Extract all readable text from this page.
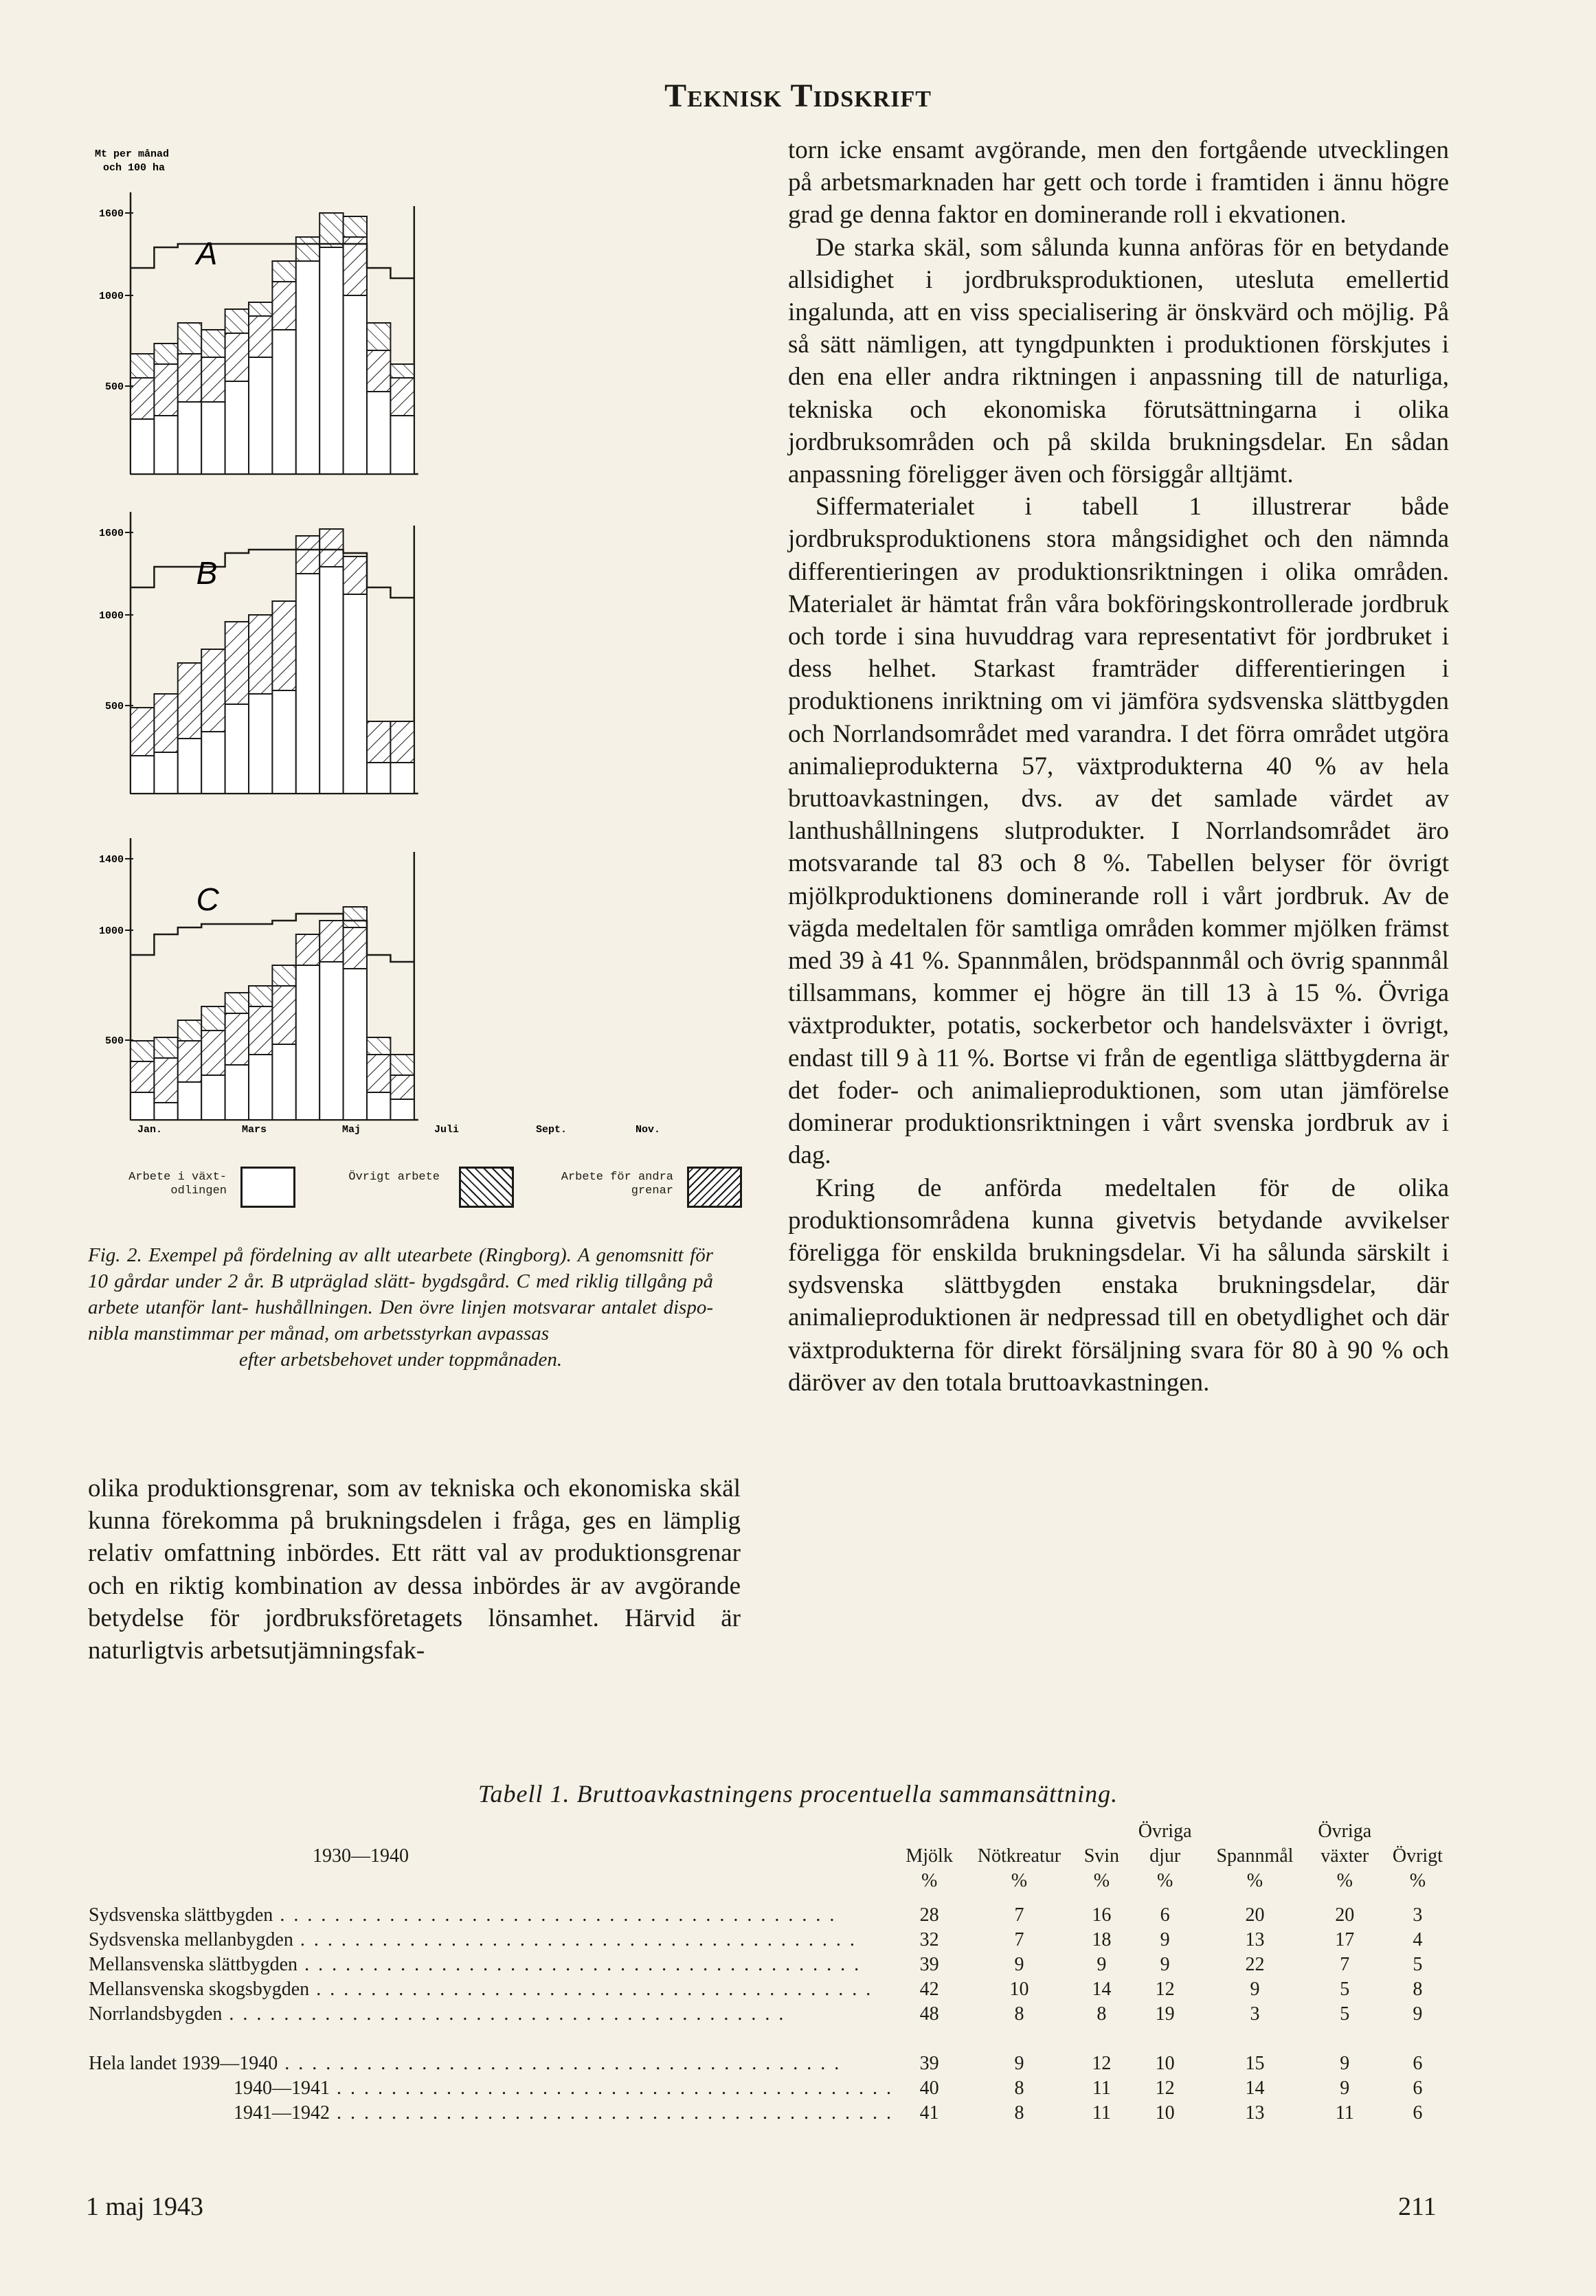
Teknisk Tidskrift
1600
1000
500
A
1600
1000
500
B
1400
1000
500
C
Mt per månad
och 100 ha
Jan.	Mars	Maj	Juli	Sept.	Nov.
Arbete i växt-
odlingen
Övrigt arbete	Arbete för andra
grenar
Fig. 2. Exempel på fördelning av allt utearbete (Ringborg). A genomsnitt för 10 gårdar under 2 år. B utpräglad slätt- bygdsgård. C med riklig tillgång på arbete utanför lant- hushållningen. Den övre linjen motsvarar antalet dispo- nibla manstimmar per månad, om arbetsstyrkan avpassas
efter arbetsbehovet under toppmånaden.

olika produktionsgrenar, som av tekniska och ekonomiska skäl kunna förekomma på brukningsdelen i fråga, ges en lämplig relativ omfattning inbördes. Ett rätt val av produktionsgrenar och en riktig kombination av dessa inbördes är av avgörande betydelse för jordbruksföretagets lönsamhet. Härvid är naturligtvis arbetsutjämningsfak-

torn icke ensamt avgörande, men den fortgående utvecklingen på arbetsmarknaden har gett och torde i framtiden i ännu högre grad ge denna faktor en dominerande roll i ekvationen.

De starka skäl, som sålunda kunna anföras för en betydande allsidighet i jordbruksproduktionen, utesluta emellertid ingalunda, att en viss specialisering är önskvärd och möjlig. På så sätt nämligen, att tyngdpunkten i produktionen förskjutes i den ena eller andra riktningen i anpassning till de naturliga, tekniska och ekonomiska förutsättningarna i olika jordbruksområden och på skilda brukningsdelar. En sådan anpassning föreligger även och försiggår alltjämt.

Siffermaterialet i tabell 1 illustrerar både jordbruksproduktionens stora mångsidighet och den nämnda differentieringen av produktionsriktningen i olika områden. Materialet är hämtat från våra bokföringskontrollerade jordbruk och torde i sina huvuddrag vara representativt för jordbruket i dess helhet. Starkast framträder differentieringen i produktionens inriktning om vi jämföra sydsvenska slättbygden och Norrlandsområdet med varandra. I det förra området utgöra animalieprodukterna 57, växtprodukterna 40 % av hela bruttoavkastningen, dvs. av det samlade värdet av lanthushållningens slutprodukter. I Norrlandsområdet äro motsvarande tal 83 och 8 %. Tabellen belyser för övrigt mjölkproduktionens dominerande roll i vårt jordbruk. Av de vägda medeltalen för samtliga områden kommer mjölken främst med 39 à 41 %. Spannmålen, brödspannmål och övrig spannmål tillsammans, kommer ej högre än till 13 à 15 %. Övriga växtprodukter, potatis, sockerbetor och handelsväxter i övrigt, endast till 9 à 11 %. Bortse vi från de egentliga slättbygderna är det foder- och animalieproduktionen, som utan jämförelse dominerar produktionsriktningen i vårt svenska jordbruk av i dag.

Kring de anförda medeltalen för de olika produktionsområdena kunna givetvis betydande avvikelser föreligga för enskilda brukningsdelar. Vi ha sålunda särskilt i sydsvenska slättbygden enstaka brukningsdelar, där animalieproduktionen är nedpressad till en obetydlighet och där växtprodukterna för direkt försäljning svara för 80 à 90 % och däröver av den totala bruttoavkastningen.

Tabell 1. Bruttoavkastningens procentuella sammansättning.
				Övriga		Övriga	
1930—1940	Mjölk	Nötkreatur	Svin	djur	Spannmål	växter	Övrigt
	%	%	%	%	%	%	%

Sydsvenska slättbygden . . . . . . . . . . . . . . . . . . . . . . . . . . . . . . . . . . . . . . . . .	28	7	16	6	20	20	3
Sydsvenska mellanbygden . . . . . . . . . . . . . . . . . . . . . . . . . . . . . . . . . . . . . . . . .	32	7	18	9	13	17	4
Mellansvenska slättbygden . . . . . . . . . . . . . . . . . . . . . . . . . . . . . . . . . . . . . . . . .	39	9	9	9	22	7	5
Mellansvenska skogsbygden . . . . . . . . . . . . . . . . . . . . . . . . . . . . . . . . . . . . . . . . .	42	10	14	12	9	5	8
Norrlandsbygden . . . . . . . . . . . . . . . . . . . . . . . . . . . . . . . . . . . . . . . . .	48	8	8	19	3	5	9

Hela landet 1939—1940 . . . . . . . . . . . . . . . . . . . . . . . . . . . . . . . . . . . . . . . . .	39	9	12	10	15	9	6
1940—1941 . . . . . . . . . . . . . . . . . . . . . . . . . . . . . . . . . . . . . . . . .	40	8	11	12	14	9	6
1941—1942 . . . . . . . . . . . . . . . . . . . . . . . . . . . . . . . . . . . . . . . . .	41	8	11	10	13	11	6
1 maj 1943	211
